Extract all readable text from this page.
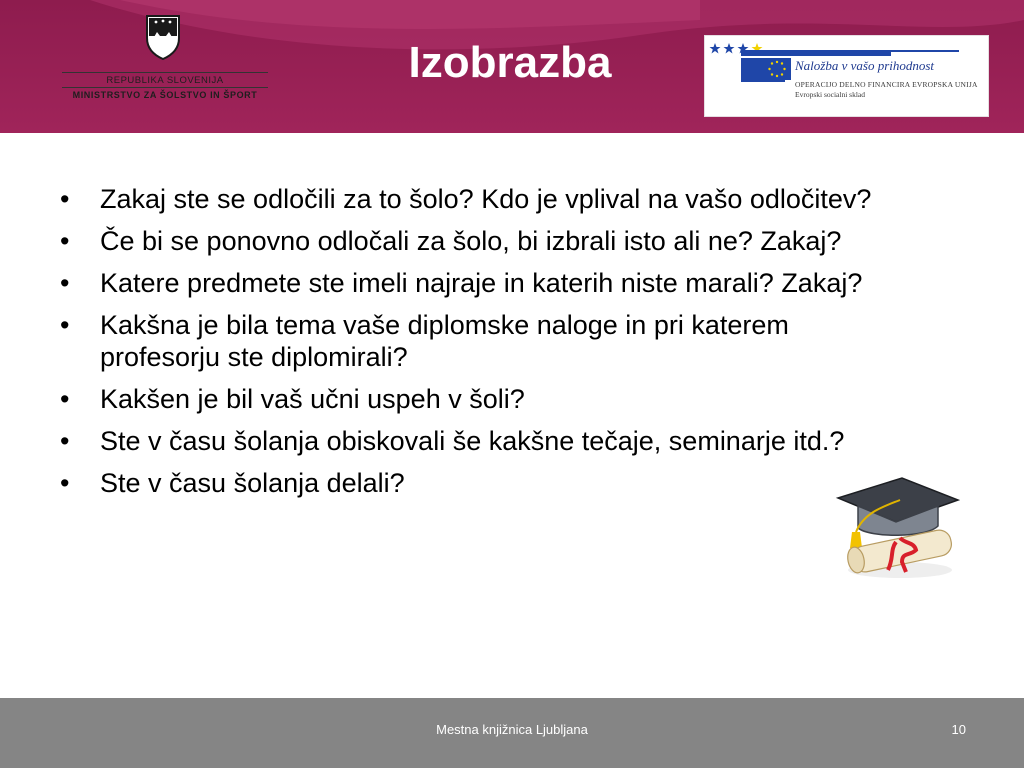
REPUBLIKA SLOVENIJA
MINISTRSTVO ZA ŠOLSTVO IN ŠPORT
Izobrazba	Naložba v vašo prihodnost
OPERACIJO DELNO FINANCIRA EVROPSKA UNIJA
Evropski socialni sklad
•	Zakaj ste se odločili za to šolo? Kdo je vplival na vašo odločitev?
•	Če bi se ponovno odločali za šolo, bi izbrali isto ali ne? Zakaj?
•	Katere predmete ste imeli najraje in katerih niste marali? Zakaj?
•	Kakšna je bila tema vaše diplomske naloge in pri katerem profesorju ste diplomirali?
•	Kakšen je bil vaš učni uspeh v šoli?
•	Ste v času šolanja obiskovali še kakšne tečaje, seminarje itd.?
•	Ste v času šolanja delali?
Mestna knjižnica Ljubljana	10
